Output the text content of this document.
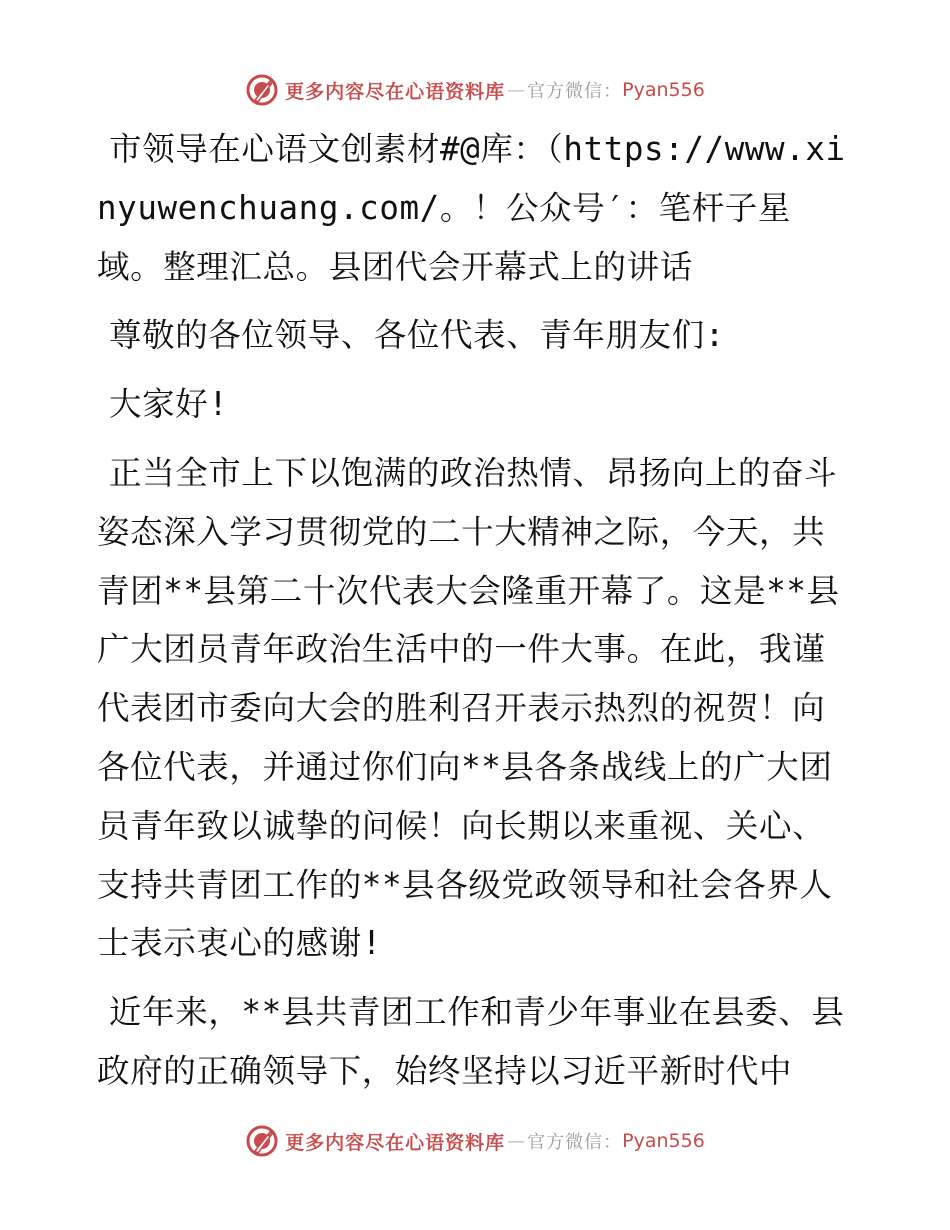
更多内容尽在心语资料库 — 官方微信： Pyan556

市领导在心语文创素材#@库：（https://www.xinyuwenchuang.com/。！公众号′：笔杆子星域。整理汇总。县团代会开幕式上的讲话

尊敬的各位领导、各位代表、青年朋友们:

大家好!

正当全市上下以饱满的政治热情、昂扬向上的奋斗姿态深入学习贯彻党的二十大精神之际，今天，共青团**县第二十次代表大会隆重开幕了。这是**县广大团员青年政治生活中的一件大事。在此，我谨代表团市委向大会的胜利召开表示热烈的祝贺！向各位代表，并通过你们向**县各条战线上的广大团员青年致以诚挚的问候！向长期以来重视、关心、支持共青团工作的**县各级党政领导和社会各界人士表示衷心的感谢!

近年来，**县共青团工作和青少年事业在县委、县政府的正确领导下，始终坚持以习近平新时代中

更多内容尽在心语资料库 — 官方微信： Pyan556
